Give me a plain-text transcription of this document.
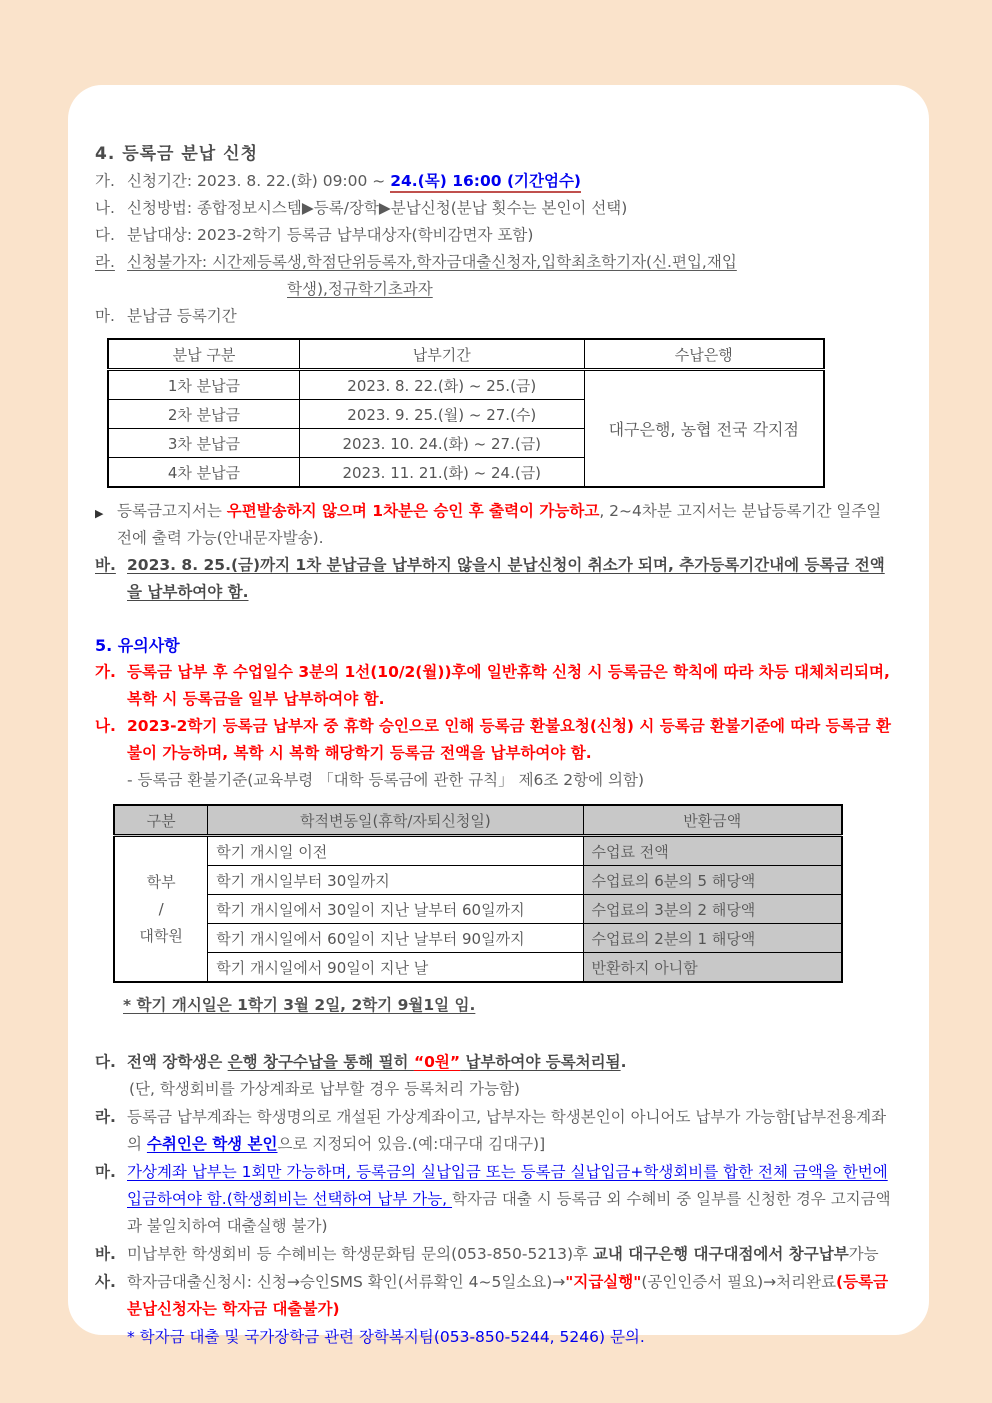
4. 등록금 분납 신청
가. 신청기간: 2023. 8. 22.(화) 09:00 ~ 24.(목) 16:00 (기간엄수)
나. 신청방법: 종합정보시스템▶등록/장학▶분납신청(분납 횟수는 본인이 선택)
다. 분납대상: 2023-2학기 등록금 납부대상자(학비감면자 포함)
라. 신청불가자: 시간제등록생,학점단위등록자,학자금대출신청자,입학최초학기자(신.편입,재입
학생),정규학기초과자
마. 분납금 등록기간
분납 구분	납부기간	수납은행
1차 분납금	2023. 8. 22.(화) ~ 25.(금)	대구은행, 농협 전국 각지점
2차 분납금	2023. 9. 25.(월) ~ 27.(수)	
3차 분납금	2023. 10. 24.(화) ~ 27.(금)	
4차 분납금	2023. 11. 21.(화) ~ 24.(금)	
▶ 등록금고지서는 우편발송하지 않으며 1차분은 승인 후 출력이 가능하고, 2~4차분 고지서는 분납등록기간 일주일 전에 출력 가능(안내문자발송).
바. 2023. 8. 25.(금)까지 1차 분납금을 납부하지 않을시 분납신청이 취소가 되며, 추가등록기간내에 등록금 전액을 납부하여야 함.
5. 유의사항
가. 등록금 납부 후 수업일수 3분의 1선(10/2(월))후에 일반휴학 신청 시 등록금은 학칙에 따라 차등 대체처리되며, 복학 시 등록금을 일부 납부하여야 함.
나. 2023-2학기 등록금 납부자 중 휴학 승인으로 인해 등록금 환불요청(신청) 시 등록금 환불기준에 따라 등록금 환불이 가능하며, 복학 시 복학 해당학기 등록금 전액을 납부하여야 함.
- 등록금 환불기준(교육부령 「대학 등록금에 관한 규칙」 제6조 2항에 의함)
구분	학적변동일(휴학/자퇴신청일)	반환금액

학부
/
대학원	학기 개시일 이전	수업료 전액
	학기 개시일부터 30일까지	수업료의 6분의 5 해당액
	학기 개시일에서 30일이 지난 날부터 60일까지	수업료의 3분의 2 해당액
	학기 개시일에서 60일이 지난 날부터 90일까지	수업료의 2분의 1 해당액
	학기 개시일에서 90일이 지난 날	반환하지 아니함
* 학기 개시일은 1학기 3월 2일, 2학기 9월1일 임.
다. 전액 장학생은 은행 창구수납을 통해 필히 “0원” 납부하여야 등록처리됨.
(단, 학생회비를 가상계좌로 납부할 경우 등록처리 가능함)
라. 등록금 납부계좌는 학생명의로 개설된 가상계좌이고, 납부자는 학생본인이 아니어도 납부가 가능함[납부전용계좌의 수취인은 학생 본인으로 지정되어 있음.(예:대구대 김대구)]
마. 가상계좌 납부는 1회만 가능하며, 등록금의 실납입금 또는 등록금 실납입금+학생회비를 합한 전체 금액을 한번에 입금하여야 함.(학생회비는 선택하여 납부 가능, 학자금 대출 시 등록금 외 수혜비 중 일부를 신청한 경우 고지금액과 불일치하여 대출실행 불가)
바. 미납부한 학생회비 등 수혜비는 학생문화팀 문의(053-850-5213)후 교내 대구은행 대구대점에서 창구납부가능
사. 학자금대출신청시: 신청→승인SMS 확인(서류확인 4~5일소요)→"지급실행"(공인인증서 필요)→처리완료(등록금 분납신청자는 학자금 대출불가)
* 학자금 대출 및 국가장학금 관련 장학복지팀(053-850-5244, 5246) 문의.
